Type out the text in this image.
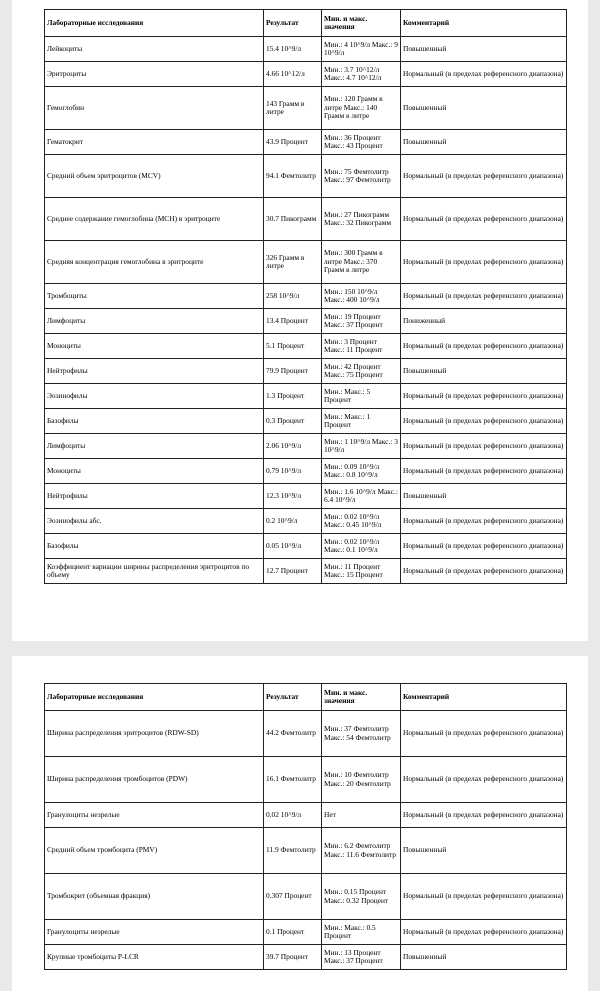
Лабораторные исследования	Результат	Мин. и макс. значения	Комментарий
Лейкоциты	15.4 10^9/л	Мин.: 4 10^9/л Макс.: 9 10^9/л	Повышенный
Эритроциты	4.66 10^12/л	Мин.: 3.7 10^12/л Макс.: 4.7 10^12/л	Нормальный (в пределах референсного диапазона)
Гемоглобин	143 Грамм в литре	Мин.: 120 Грамм в литре Макс.: 140 Грамм в литре	Повышенный
Гематокрит	43.9 Процент	Мин.: 36 Процент Макс.: 43 Процент	Повышенный
Средний объем эритроцитов (MCV)	94.1 Фемтолитр	Мин.: 75 Фемтолитр Макс.: 97 Фемтолитр	Нормальный (в пределах референсного диапазона)
Среднее содержание гемоглобина (MCH) в эритроците	30.7 Пикограмм	Мин.: 27 Пикограмм Макс.: 32 Пикограмм	Нормальный (в пределах референсного диапазона)
Средняя концентрация гемоглобина в эритроците	326 Грамм в литре	Мин.: 300 Грамм в литре Макс.: 370 Грамм в литре	Нормальный (в пределах референсного диапазона)
Тромбоциты	258 10^9/л	Мин.: 150 10^9/л Макс.: 400 10^9/л	Нормальный (в пределах референсного диапазона)
Лимфоциты	13.4 Процент	Мин.: 19 Процент Макс.: 37 Процент	Пониженный
Моноциты	5.1 Процент	Мин.: 3 Процент Макс.: 11 Процент	Нормальный (в пределах референсного диапазона)
Нейтрофилы	79.9 Процент	Мин.: 42 Процент Макс.: 75 Процент	Повышенный
Эозинофилы	1.3 Процент	Мин.: Макс.: 5 Процент	Нормальный (в пределах референсного диапазона)
Базофилы	0.3 Процент	Мин.: Макс.: 1 Процент	Нормальный (в пределах референсного диапазона)
Лимфоциты	2.06 10^9/л	Мин.: 1 10^9/л Макс.: 3 10^9/л	Нормальный (в пределах референсного диапазона)
Моноциты	0.79 10^9/л	Мин.: 0.09 10^9/л Макс.: 0.8 10^9/л	Нормальный (в пределах референсного диапазона)
Нейтрофилы	12.3 10^9/л	Мин.: 1.6 10^9/л Макс.: 6.4 10^9/л	Повышенный
Эозинофилы абс.	0.2 10^9/л	Мин.: 0.02 10^9/л Макс.: 0.45 10^9/л	Нормальный (в пределах референсного диапазона)
Базофилы	0.05 10^9/л	Мин.: 0.02 10^9/л Макс.: 0.1 10^9/л	Нормальный (в пределах референсного диапазона)
Коэффициент вариации ширины распределения эритроцитов по объему	12.7 Процент	Мин.: 11 Процент Макс.: 15 Процент	Нормальный (в пределах референсного диапазона)
Лабораторные исследования	Результат	Мин. и макс. значения	Комментарий
Ширина распределения эритроцитов (RDW-SD)	44.2 Фемтолитр	Мин.: 37 Фемтолитр Макс.: 54 Фемтолитр	Нормальный (в пределах референсного диапазона)
Ширина распределения тромбоцитов (PDW)	16.1 Фемтолитр	Мин.: 10 Фемтолитр Макс.: 20 Фемтолитр	Нормальный (в пределах референсного диапазона)
Гранулоциты незрелые	0.02 10^9/л	Нет	Нормальный (в пределах референсного диапазона)
Средний объем тромбоцита (PMV)	11.9 Фемтолитр	Мин.: 6.2 Фемтолитр Макс.: 11.6 Фемтолитр	Повышенный
Тромбокрит (объемная фракция)	0.307 Процент	Мин.: 0.15 Процент Макс.: 0.32 Процент	Нормальный (в пределах референсного диапазона)
Гранулоциты незрелые	0.1 Процент	Мин.: Макс.: 0.5 Процент	Нормальный (в пределах референсного диапазона)
Крупные тромбоциты P-LCR	39.7 Процент	Мин.: 13 Процент Макс.: 37 Процент	Повышенный
